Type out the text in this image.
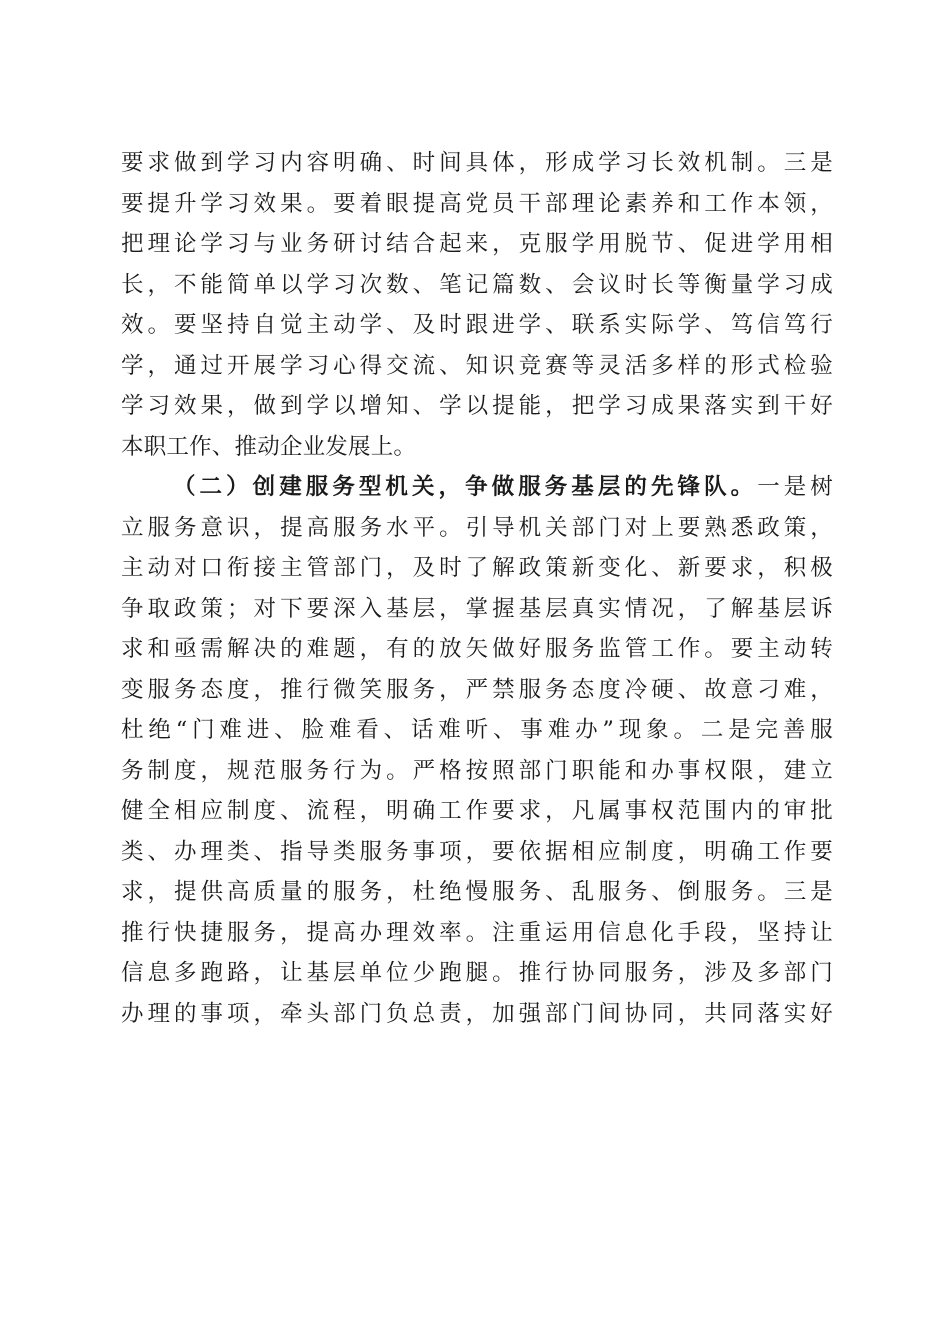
要求做到学习内容明确、时间具体，形成学习长效机制。三是
要提升学习效果。要着眼提高党员干部理论素养和工作本领，
把理论学习与业务研讨结合起来，克服学用脱节、促进学用相
长，不能简单以学习次数、笔记篇数、会议时长等衡量学习成
效。要坚持自觉主动学、及时跟进学、联系实际学、笃信笃行
学，通过开展学习心得交流、知识竞赛等灵活多样的形式检验
学习效果，做到学以增知、学以提能，把学习成果落实到干好
本职工作、推动企业发展上。
（二）创建服务型机关，争做服务基层的先锋队。一是树
立服务意识，提高服务水平。引导机关部门对上要熟悉政策，
主动对口衔接主管部门，及时了解政策新变化、新要求，积极
争取政策；对下要深入基层，掌握基层真实情况，了解基层诉
求和亟需解决的难题，有的放矢做好服务监管工作。要主动转
变服务态度，推行微笑服务，严禁服务态度冷硬、故意刁难，
杜绝“门难进、脸难看、话难听、事难办”现象。二是完善服
务制度，规范服务行为。严格按照部门职能和办事权限，建立
健全相应制度、流程，明确工作要求，凡属事权范围内的审批
类、办理类、指导类服务事项，要依据相应制度，明确工作要
求，提供高质量的服务，杜绝慢服务、乱服务、倒服务。三是
推行快捷服务，提高办理效率。注重运用信息化手段，坚持让
信息多跑路，让基层单位少跑腿。推行协同服务，涉及多部门
办理的事项，牵头部门负总责，加强部门间协同，共同落实好
